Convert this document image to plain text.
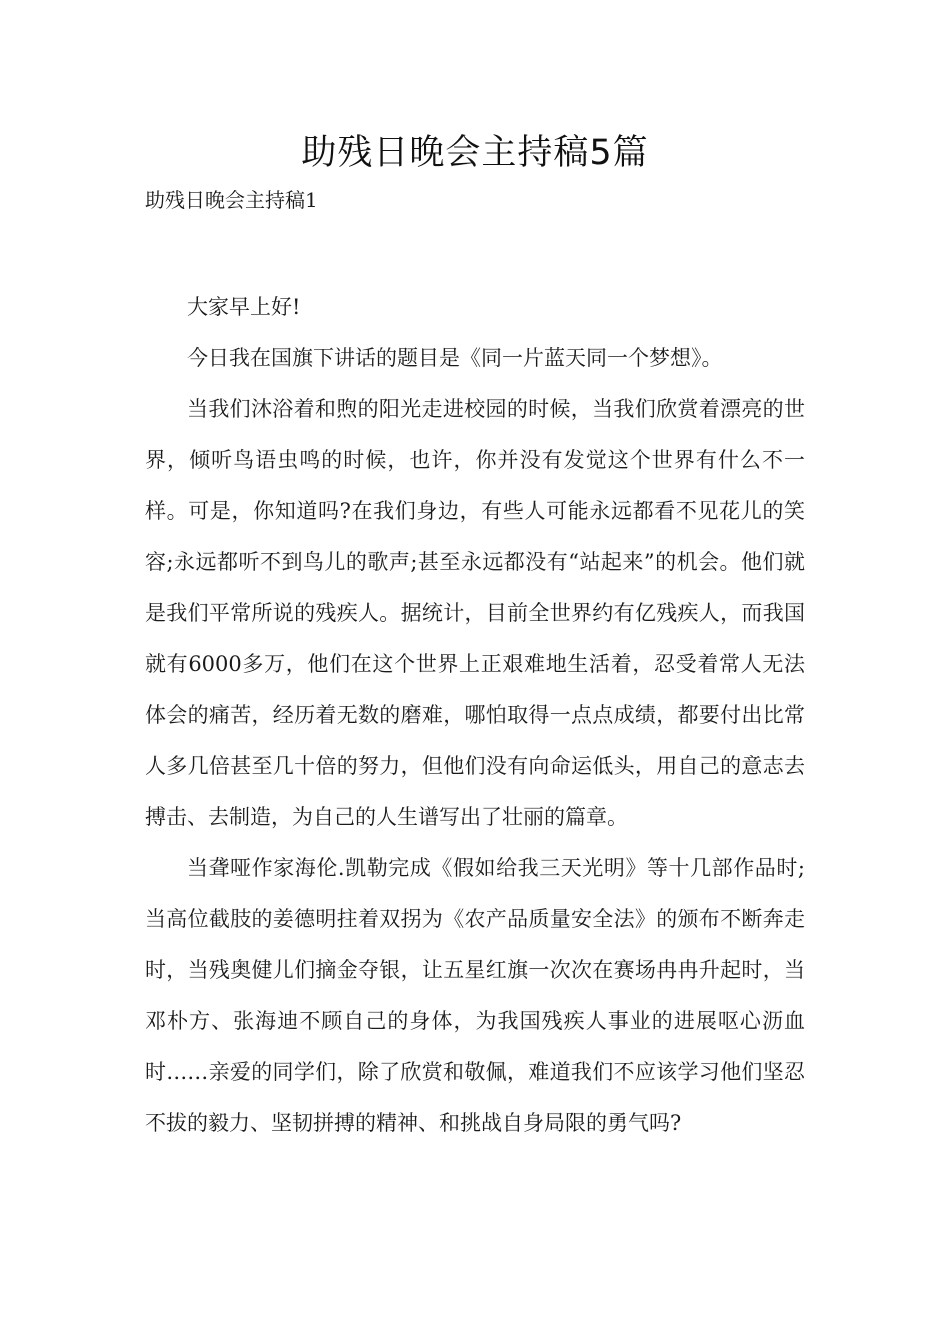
助残日晚会主持稿5篇
助残日晚会主持稿1

大家早上好!

今日我在国旗下讲话的题目是《同一片蓝天同一个梦想》。

当我们沐浴着和煦的阳光走进校园的时候，当我们欣赏着漂亮的世界，倾听鸟语虫鸣的时候，也许，你并没有发觉这个世界有什么不一样。可是，你知道吗?在我们身边，有些人可能永远都看不见花儿的笑容;永远都听不到鸟儿的歌声;甚至永远都没有“站起来”的机会。他们就是我们平常所说的残疾人。据统计，目前全世界约有亿残疾人，而我国就有6000多万，他们在这个世界上正艰难地生活着，忍受着常人无法体会的痛苦，经历着无数的磨难，哪怕取得一点点成绩，都要付出比常人多几倍甚至几十倍的努力，但他们没有向命运低头，用自己的意志去搏击、去制造，为自己的人生谱写出了壮丽的篇章。

当聋哑作家海伦.凯勒完成《假如给我三天光明》等十几部作品时;当高位截肢的姜德明拄着双拐为《农产品质量安全法》的颁布不断奔走时，当残奥健儿们摘金夺银，让五星红旗一次次在赛场冉冉升起时，当邓朴方、张海迪不顾自己的身体，为我国残疾人事业的进展呕心沥血时……亲爱的同学们，除了欣赏和敬佩，难道我们不应该学习他们坚忍不拔的毅力、坚韧拼搏的精神、和挑战自身局限的勇气吗?
